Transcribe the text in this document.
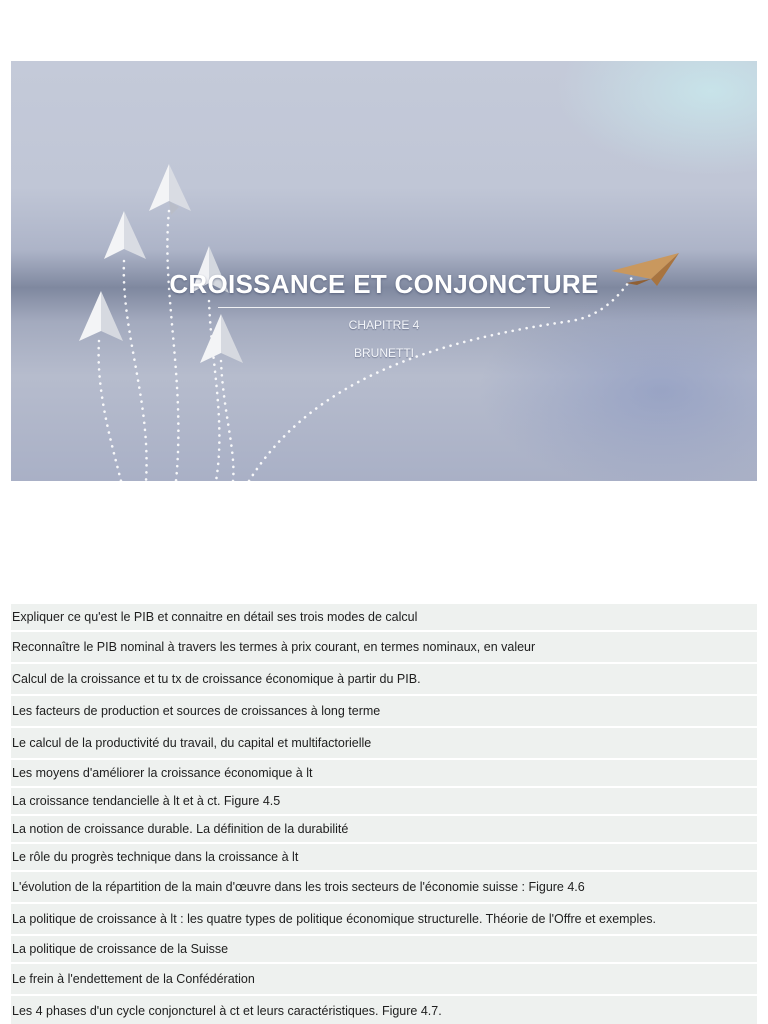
CROISSANCE ET CONJONCTURE
CHAPITRE 4
BRUNETTI
Expliquer ce qu'est le PIB et connaitre en détail ses trois modes de calcul
Reconnaître le PIB nominal à travers les termes à prix courant, en termes nominaux, en valeur
Calcul de la croissance et tu tx de croissance économique à partir du PIB.
Les facteurs de production et sources de croissances à long terme
Le calcul de la productivité du travail, du capital et multifactorielle
Les moyens d'améliorer la croissance économique à lt
La croissance tendancielle à lt et à ct. Figure 4.5
La notion de croissance durable. La définition de la durabilité
Le rôle du progrès technique dans la croissance à lt
L'évolution de la répartition de la main d'œuvre dans les trois secteurs de l'économie suisse : Figure 4.6
La politique de croissance à lt : les quatre types de politique économique structurelle. Théorie de l'Offre et exemples.
La politique de croissance de la Suisse
Le frein à l'endettement de la Confédération
Les 4 phases d'un cycle conjoncturel à ct et leurs caractéristiques. Figure 4.7.
